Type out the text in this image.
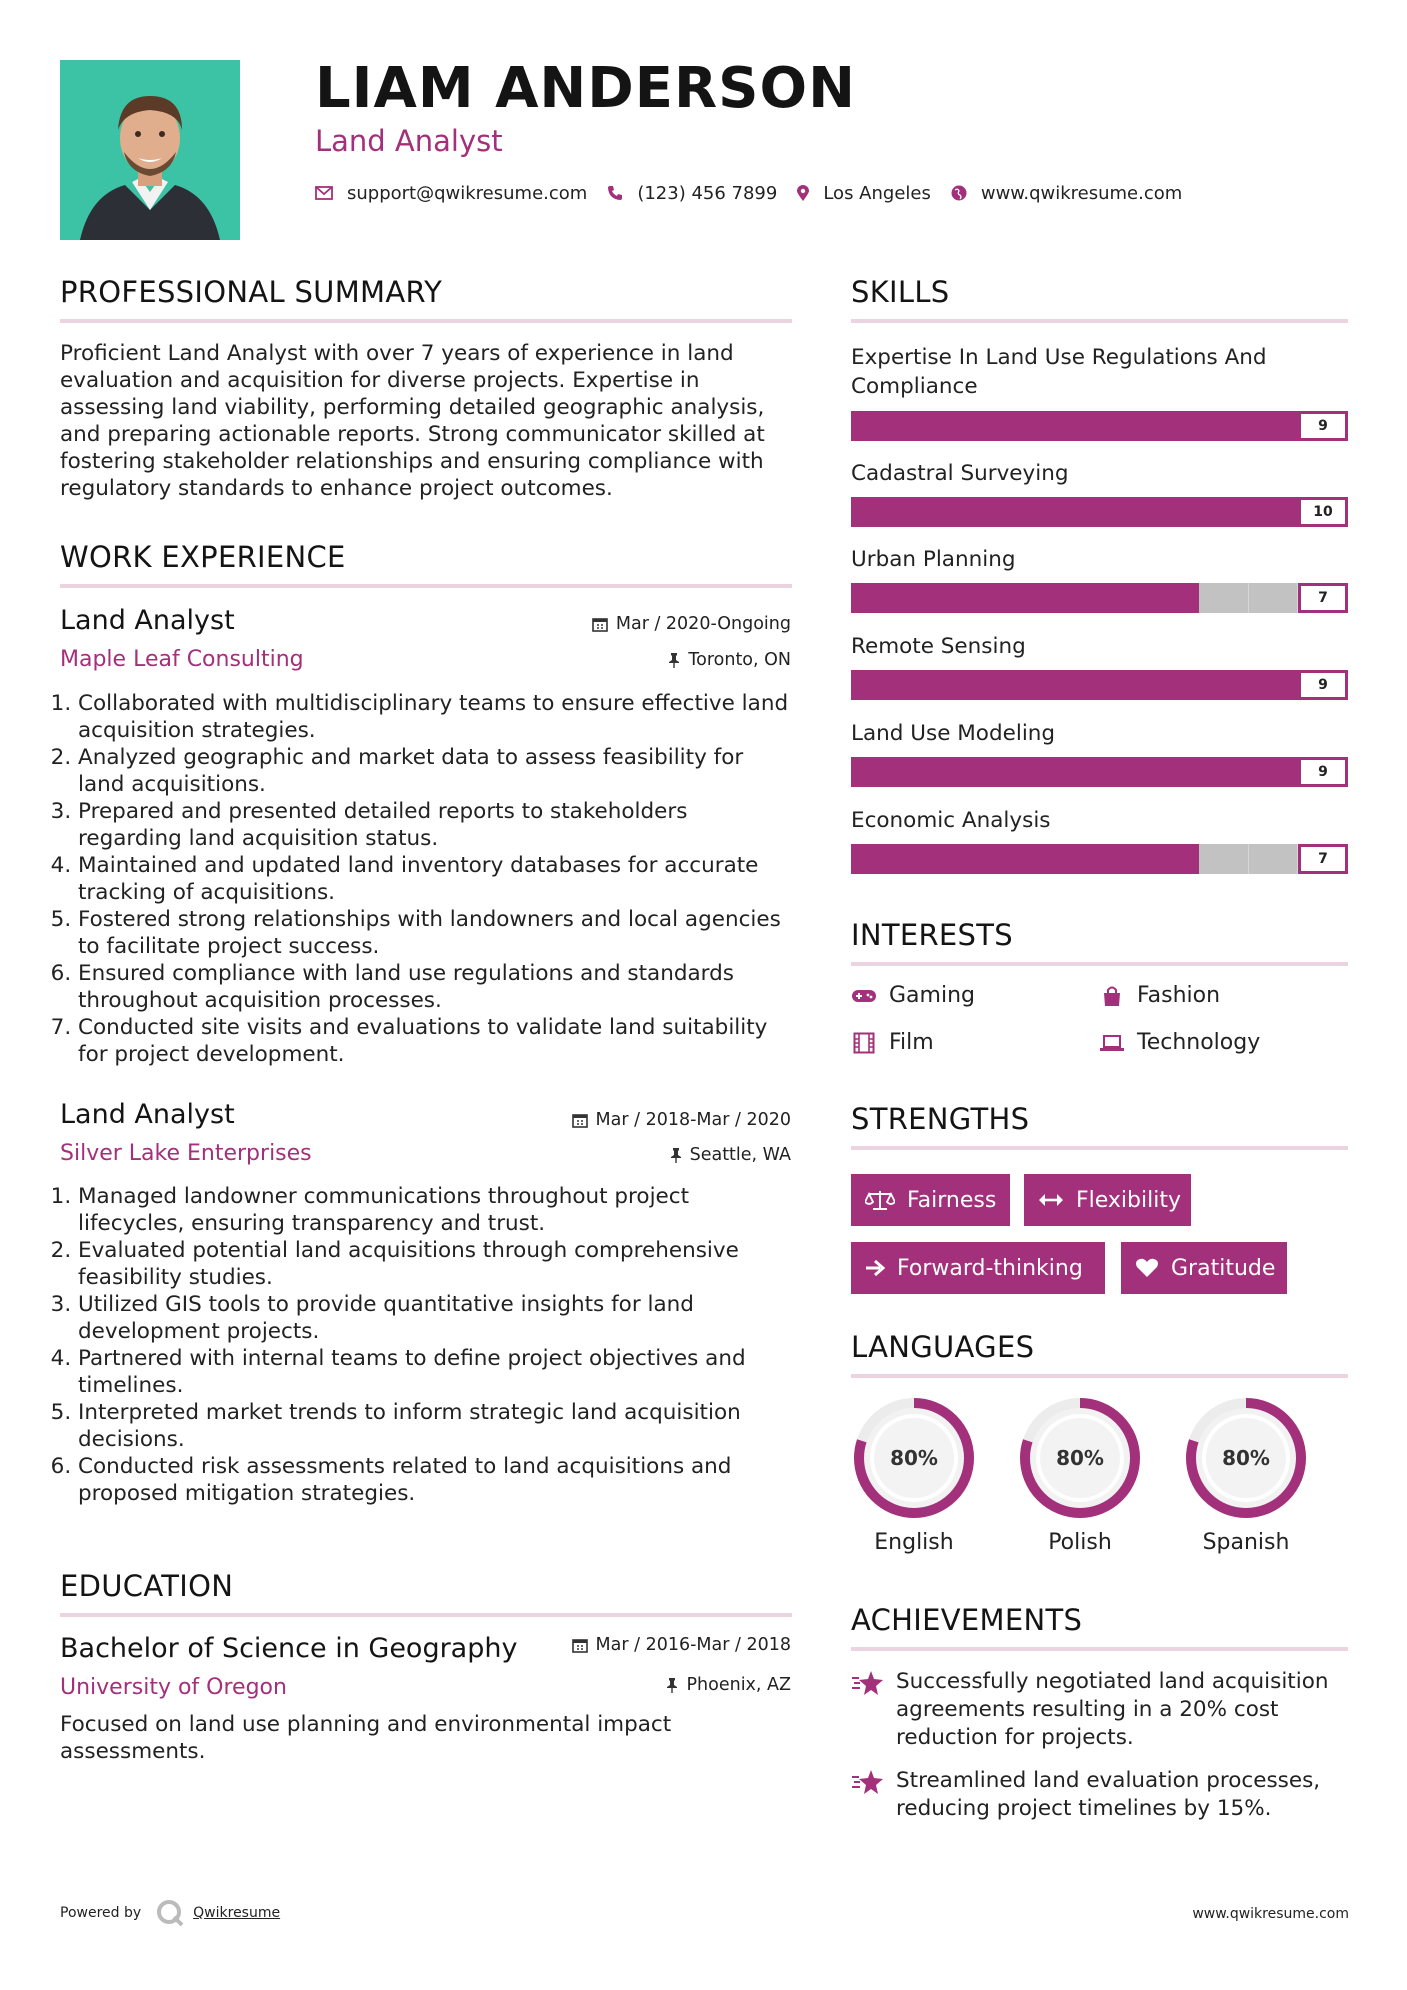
LIAM ANDERSON
Land Analyst
support@qwikresume.com	(123) 456 7899	Los Angeles	www.qwikresume.com
PROFESSIONAL SUMMARY
Proficient Land Analyst with over 7 years of experience in land evaluation and acquisition for diverse projects. Expertise in assessing land viability, performing detailed geographic analysis, and preparing actionable reports. Strong communicator skilled at fostering stakeholder relationships and ensuring compliance with regulatory standards to enhance project outcomes.
WORK EXPERIENCE
Land Analyst	Mar / 2020-Ongoing
Maple Leaf Consulting	Toronto, ON
1. Collaborated with multidisciplinary teams to ensure effective land acquisition strategies.
2. Analyzed geographic and market data to assess feasibility for land acquisitions.
3. Prepared and presented detailed reports to stakeholders regarding land acquisition status.
4. Maintained and updated land inventory databases for accurate tracking of acquisitions.
5. Fostered strong relationships with landowners and local agencies to facilitate project success.
6. Ensured compliance with land use regulations and standards throughout acquisition processes.
7. Conducted site visits and evaluations to validate land suitability for project development.
Land Analyst	Mar / 2018-Mar / 2020
Silver Lake Enterprises	Seattle, WA
1. Managed landowner communications throughout project lifecycles, ensuring transparency and trust.
2. Evaluated potential land acquisitions through comprehensive feasibility studies.
3. Utilized GIS tools to provide quantitative insights for land development projects.
4. Partnered with internal teams to define project objectives and timelines.
5. Interpreted market trends to inform strategic land acquisition decisions.
6. Conducted risk assessments related to land acquisitions and proposed mitigation strategies.
EDUCATION
Bachelor of Science in Geography	Mar / 2016-Mar / 2018
University of Oregon	Phoenix, AZ
Focused on land use planning and environmental impact assessments.
SKILLS
Expertise In Land Use Regulations And Compliance
9
Cadastral Surveying
10
Urban Planning
7
Remote Sensing
9
Land Use Modeling
9
Economic Analysis
7
INTERESTS
Gaming	Fashion
Film	Technology
STRENGTHS
Fairness	Flexibility
Forward-thinking	Gratitude
LANGUAGES
80%
English
80%
Polish
80%
Spanish
ACHIEVEMENTS
Successfully negotiated land acquisition agreements resulting in a 20% cost reduction for projects.
Streamlined land evaluation processes, reducing project timelines by 15%.
Powered by	Qwikresume	www.qwikresume.com
